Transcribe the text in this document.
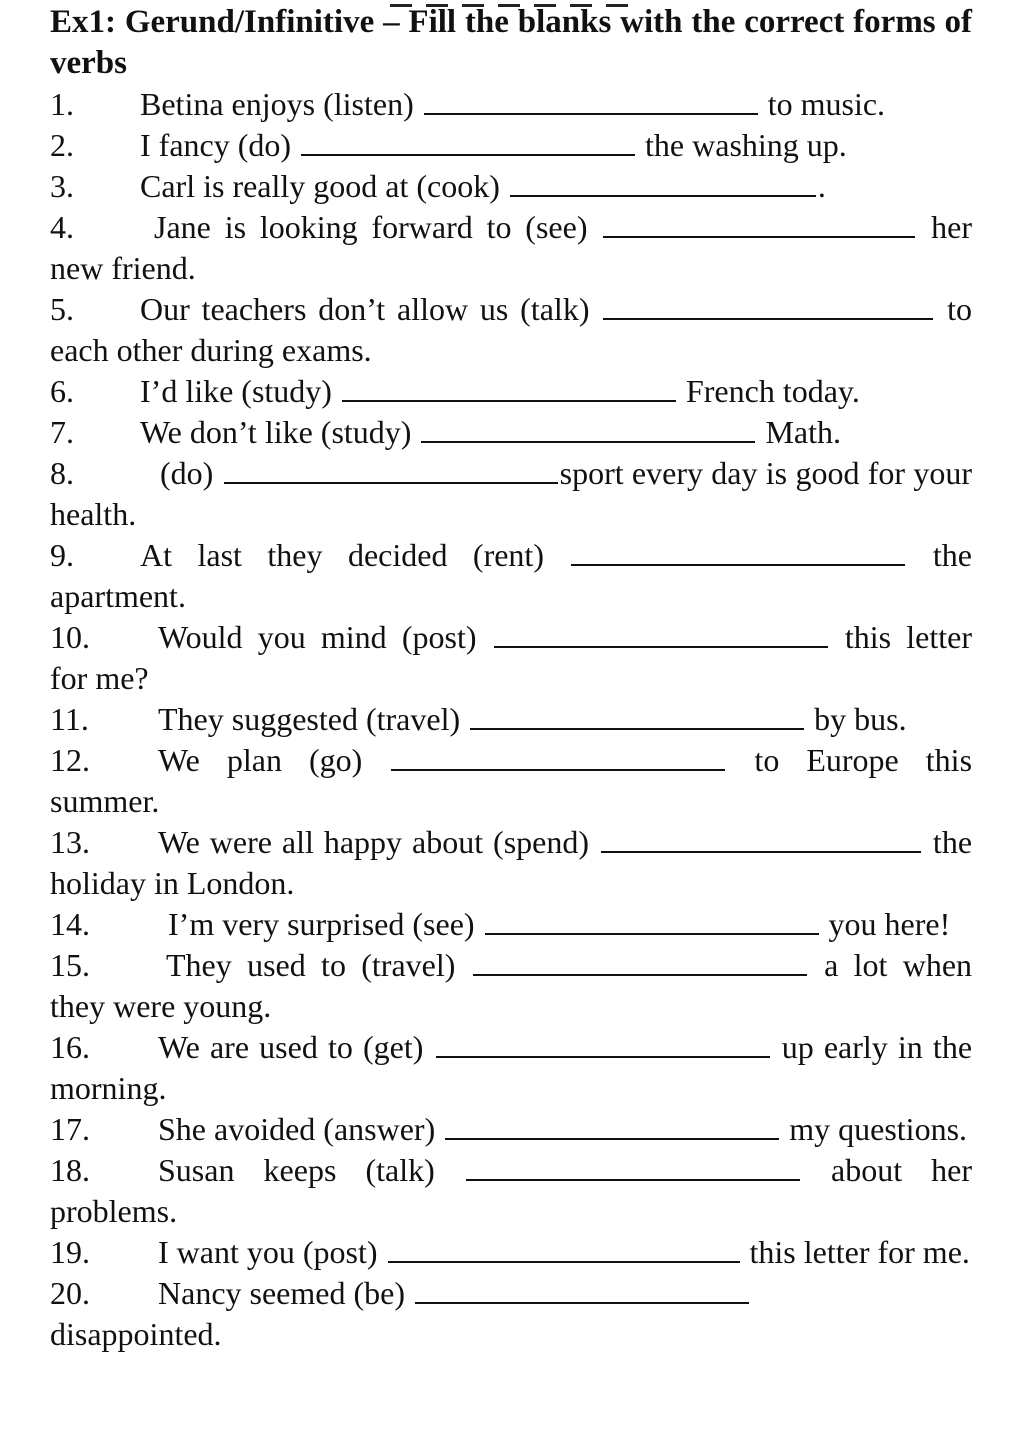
Ex1: Gerund/Infinitive – Fill the blanks with the correct forms of verbs
1. Betina enjoys (listen)	to music.
2. I fancy (do)	the washing up.
3. Carl is really good at (cook)	.
4.	Jane is looking forward to (see)	her new friend.
5. Our teachers don’t allow us (talk)	to each other during exams.
6. I’d like (study)	French today.
7. We don’t like (study)	Math.
8.	(do)	sport every day is good for your health.
9. At last they decided (rent)	the apartment.
10. Would you mind (post)	this letter for me?
11. They suggested (travel)	by bus.
12. We plan (go)	to Europe this summer.
13. We were all happy about (spend)	the holiday in London.
14. I’m very surprised (see)	you here!
15. They used to (travel)	a lot when they were young.
16. We are used to (get)	up early in the morning.
17. She avoided (answer)	my questions.
18. Susan keeps (talk)	about her problems.
19. I want you (post)	this letter for me.
20. Nancy seemed (be)
disappointed.
